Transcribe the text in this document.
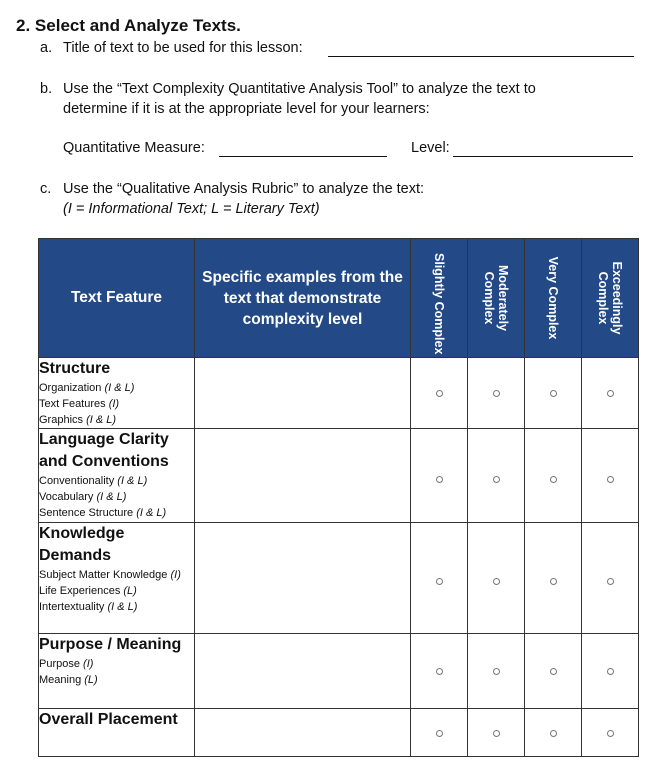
2. Select and Analyze Texts.
a. Title of text to be used for this lesson:
b. Use the “Text Complexity Quantitative Analysis Tool” to analyze the text to determine if it is at the appropriate level for your learners:
Quantitative Measure:	Level:
c. Use the “Qualitative Analysis Rubric” to analyze the text:
(I = Informational Text; L = Literary Text)
Text Feature	Specific examples from the text that demonstrate complexity level	Slightly Complex	Moderately Complex	Very Complex	Exceedingly Complex

Structure
Organization (I & L)
Text Features (I)
Graphics (I & L)					

Language Clarity and Conventions
Conventionality (I & L)
Vocabulary (I & L)
Sentence Structure (I & L)					

Knowledge Demands
Subject Matter Knowledge (I)
Life Experiences (L)
Intertextuality (I & L)					

Purpose / Meaning
Purpose (I)
Meaning (L)					

Overall Placement					
